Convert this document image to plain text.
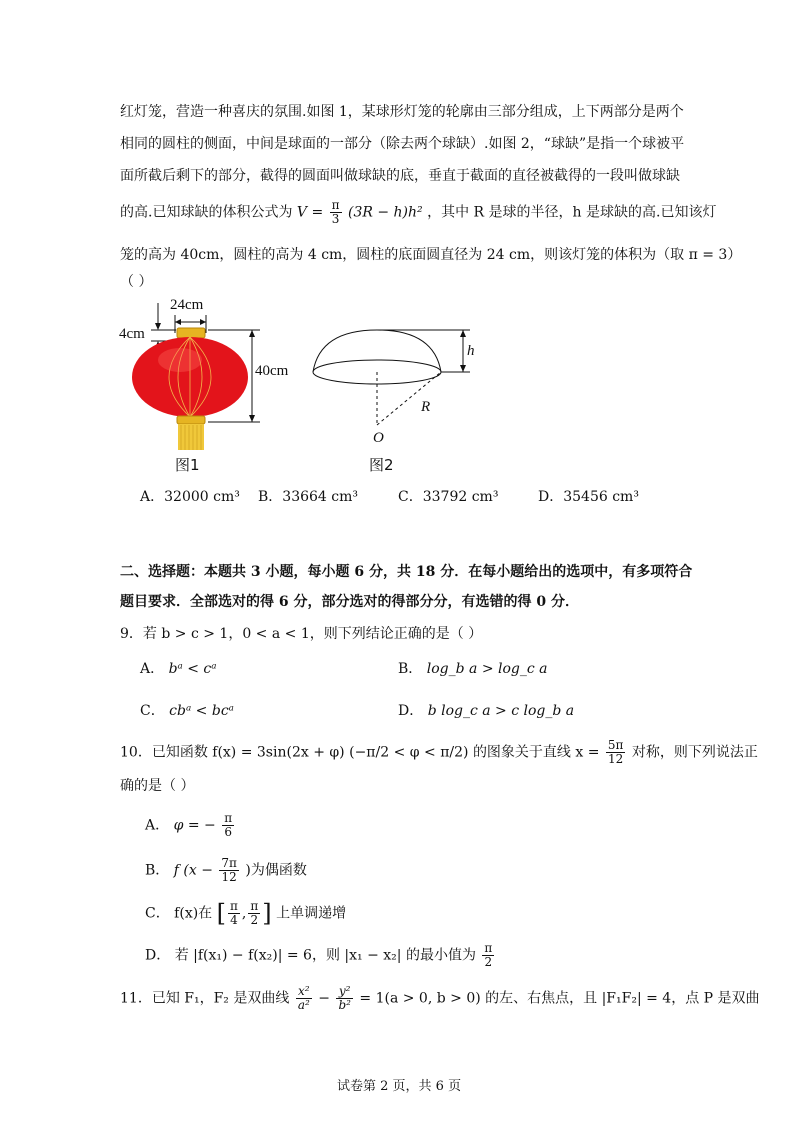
红灯笼，营造一种喜庆的氛围.如图 1，某球形灯笼的轮廓由三部分组成，上下两部分是两个
相同的圆柱的侧面，中间是球面的一部分（除去两个球缺）.如图 2，“球缺”是指一个球被平
面所截后剩下的部分，截得的圆面叫做球缺的底，垂直于截面的直径被截得的一段叫做球缺
的高.已知球缺的体积公式为 $V = \frac{\pi}{3} (3R - h)h^2$ ，其中 R 是球的半径，h 是球缺的高.已知该灯
笼的高为 40cm，圆柱的高为 4 cm，圆柱的底面圆直径为 24 cm，则该灯笼的体积为（取 π = 3）
（ ）
24cm
4cm
40cm
图1
h
R
O
图2
A．32000 cm³ B．33664 cm³	C．33792 cm³	D．35456 cm³
二、选择题：本题共 3 小题，每小题 6 分，共 18 分．在每小题给出的选项中，有多项符合
题目要求．全部选对的得 6 分，部分选对的得部分分，有选错的得 0 分．
9．若 b > c > 1，0 < a < 1，则下列结论正确的是（ ）
A． bᵃ < cᵃ	B． log_b a > log_c a
C． cbᵃ < bcᵃ	D． b log_c a > c log_b a
10．已知函数 f(x) = 3sin(2x + φ) (−π/2 < φ < π/2) 的图象关于直线 $x = \frac{5\pi}{12}$ 对称，则下列说法正
确的是（ ）
A． φ = − $\frac{\pi}{6}$
B． f ($x - \frac{7\pi}{12}$ )为偶函数
C． f(x)在 [ $\frac{\pi}{4}$ , $\frac{\pi}{2}$ ] 上单调递增
D． 若 |f(x₁) − f(x₂)| = 6，则 |x₁ − x₂| 的最小值为 $\frac{\pi}{2}$
11．已知 F₁，F₂ 是双曲线 $\frac{\text{x²}}{\text{a²}} - \frac{\text{y²}}{\text{b²}} = 1(a > 0$, b > 0) 的左、右焦点，且 |F₁F₂| = 4，点 P 是双曲
试卷第 2 页，共 6 页
